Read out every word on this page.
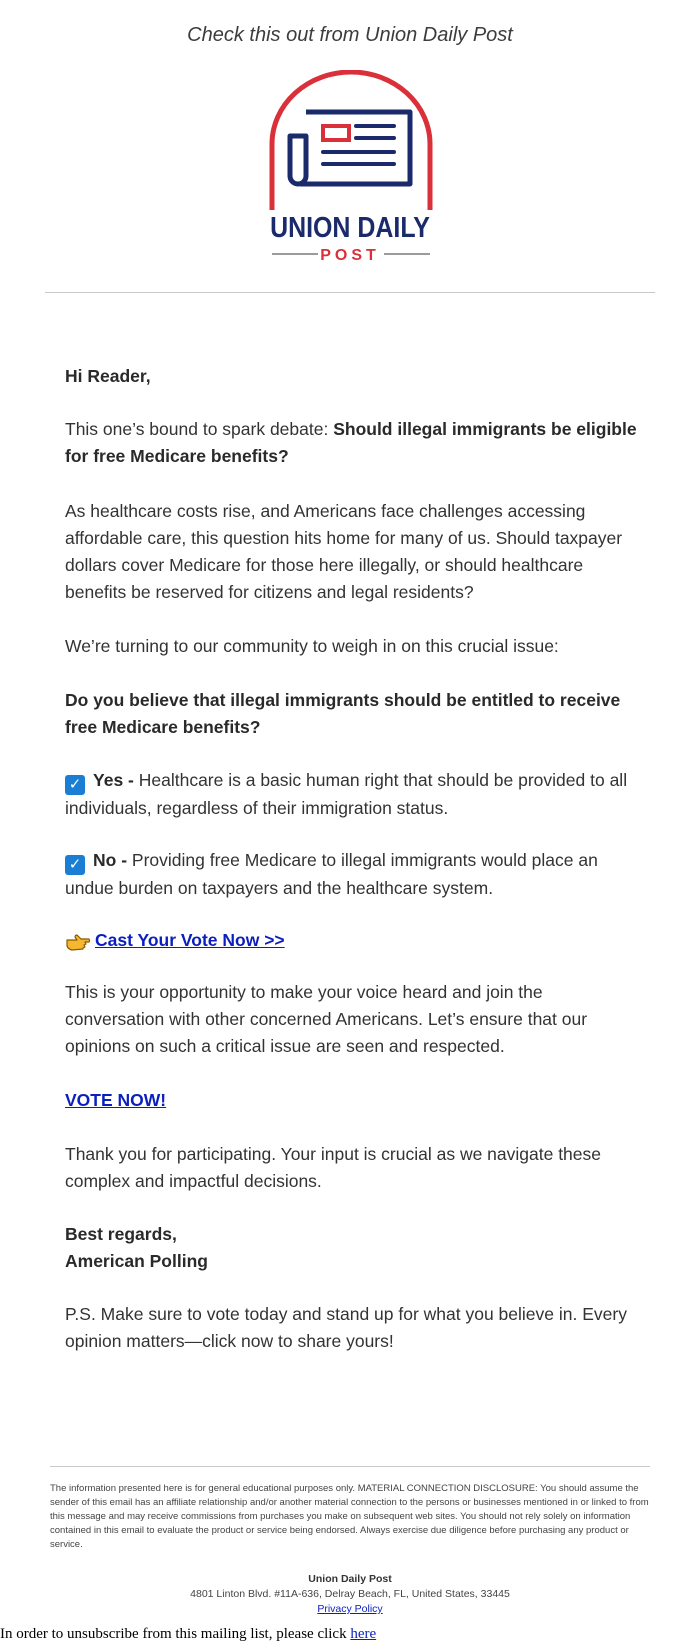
Check this out from Union Daily Post
UNION DAILY
POST
Hi Reader,
This one’s bound to spark debate: Should illegal immigrants be eligible for free Medicare benefits?
As healthcare costs rise, and Americans face challenges accessing affordable care, this question hits home for many of us. Should taxpayer dollars cover Medicare for those here illegally, or should healthcare benefits be reserved for citizens and legal residents?
We’re turning to our community to weigh in on this crucial issue:
Do you believe that illegal immigrants should be entitled to receive free Medicare benefits?
✓ Yes - Healthcare is a basic human right that should be provided to all individuals, regardless of their immigration status.
✓ No - Providing free Medicare to illegal immigrants would place an undue burden on taxpayers and the healthcare system.
Cast Your Vote Now >>
This is your opportunity to make your voice heard and join the conversation with other concerned Americans. Let’s ensure that our opinions on such a critical issue are seen and respected.
VOTE NOW!
Thank you for participating. Your input is crucial as we navigate these complex and impactful decisions.
Best regards,
American Polling
P.S. Make sure to vote today and stand up for what you believe in. Every opinion matters—click now to share yours!
The information presented here is for general educational purposes only. MATERIAL CONNECTION DISCLOSURE: You should assume the sender of this email has an affiliate relationship and/or another material connection to the persons or businesses mentioned in or linked to from this message and may receive commissions from purchases you make on subsequent web sites. You should not rely solely on information contained in this email to evaluate the product or service being endorsed. Always exercise due diligence before purchasing any product or service.
Union Daily Post
4801 Linton Blvd. #11A-636, Delray Beach, FL, United States, 33445
Privacy Policy
In order to unsubscribe from this mailing list, please click here
